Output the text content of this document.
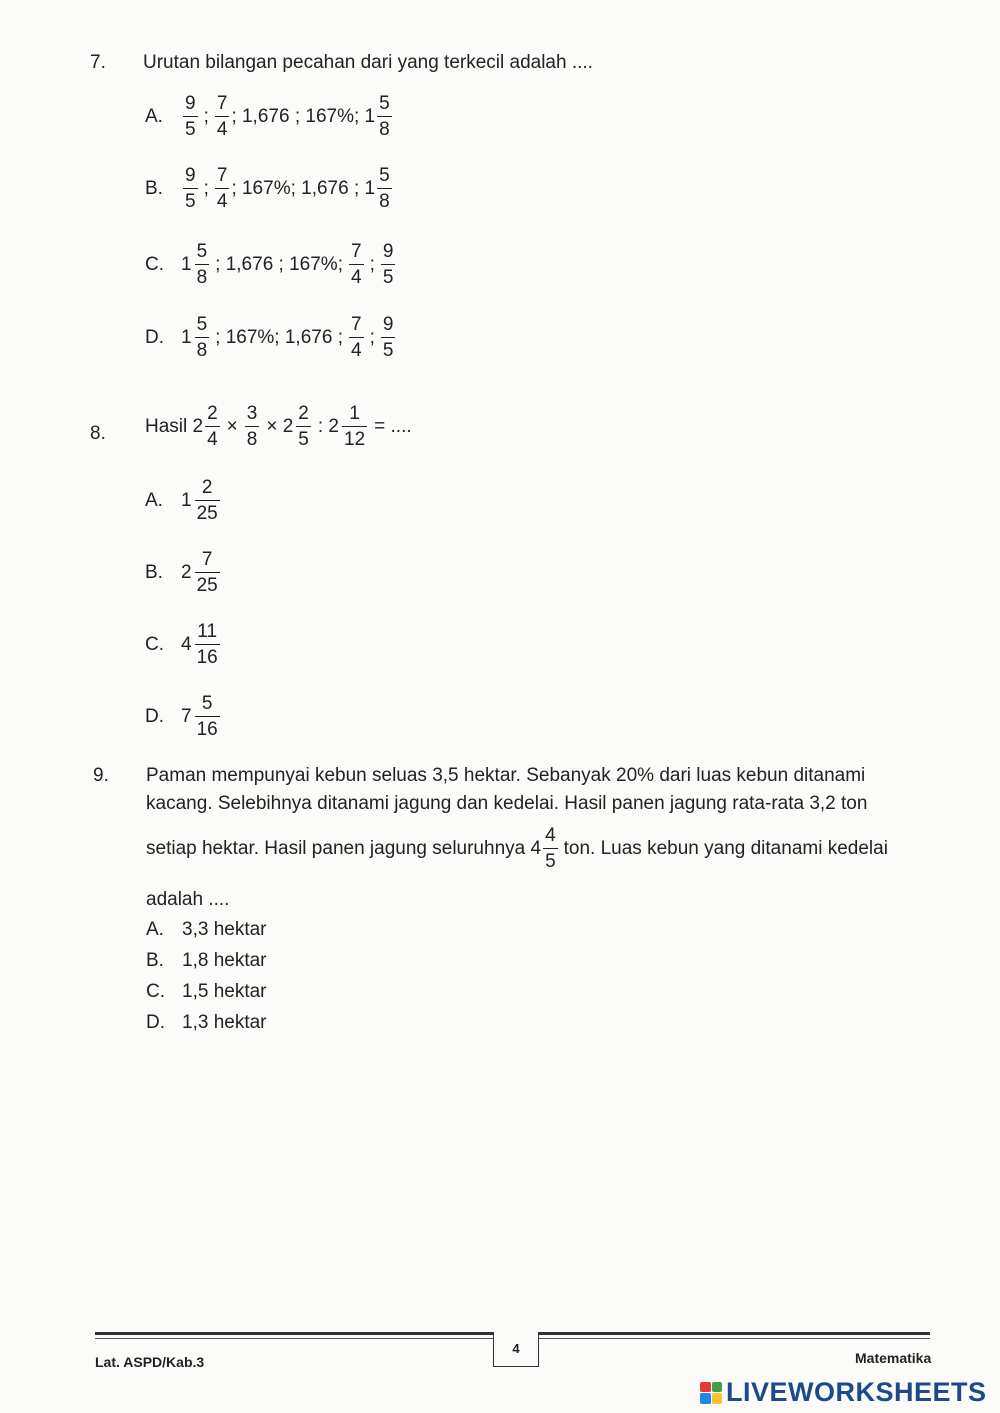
7. Urutan bilangan pecahan dari yang terkecil adalah ....
A.	$\frac{9}{5}$ ; $\frac{7}{4}$ ; 1,676 ; 167%; $1 \frac{5}{8}$
B.	$\frac{9}{5}$ ; $\frac{7}{4}$ ; 167%; 1,676 ; $1 \frac{5}{8}$
C. $1 \frac{5}{8}$ ; 1,676 ; 167%; $\frac{7}{4}$ ; $\frac{9}{5}$
D. $1 \frac{5}{8}$ ; 167%; 1,676 ; $\frac{7}{4}$ ; $\frac{9}{5}$
8. Hasil $2 \frac{2}{4} \times \frac{3}{8} \times 2 \frac{2}{5}$ : $2 \frac{1}{12}$ = ....
A. $1 \frac{2}{25}$
B. $2 \frac{7}{25}$
C. $4 \frac{11}{16}$
D. $7 \frac{5}{16}$
9. Paman mempunyai kebun seluas 3,5 hektar. Sebanyak 20% dari luas kebun ditanami
kacang. Selebihnya ditanami jagung dan kedelai. Hasil panen jagung rata-rata 3,2 ton
setiap hektar. Hasil panen jagung seluruhnya $4 \frac{4}{5}$ ton. Luas kebun yang ditanami kedelai
adalah ....
A. 3,3 hektar
B. 1,8 hektar
C. 1,5 hektar
D. 1,3 hektar
4
Lat. ASPD/Kab.3	Matematika
LIVEWORKSHEETS
